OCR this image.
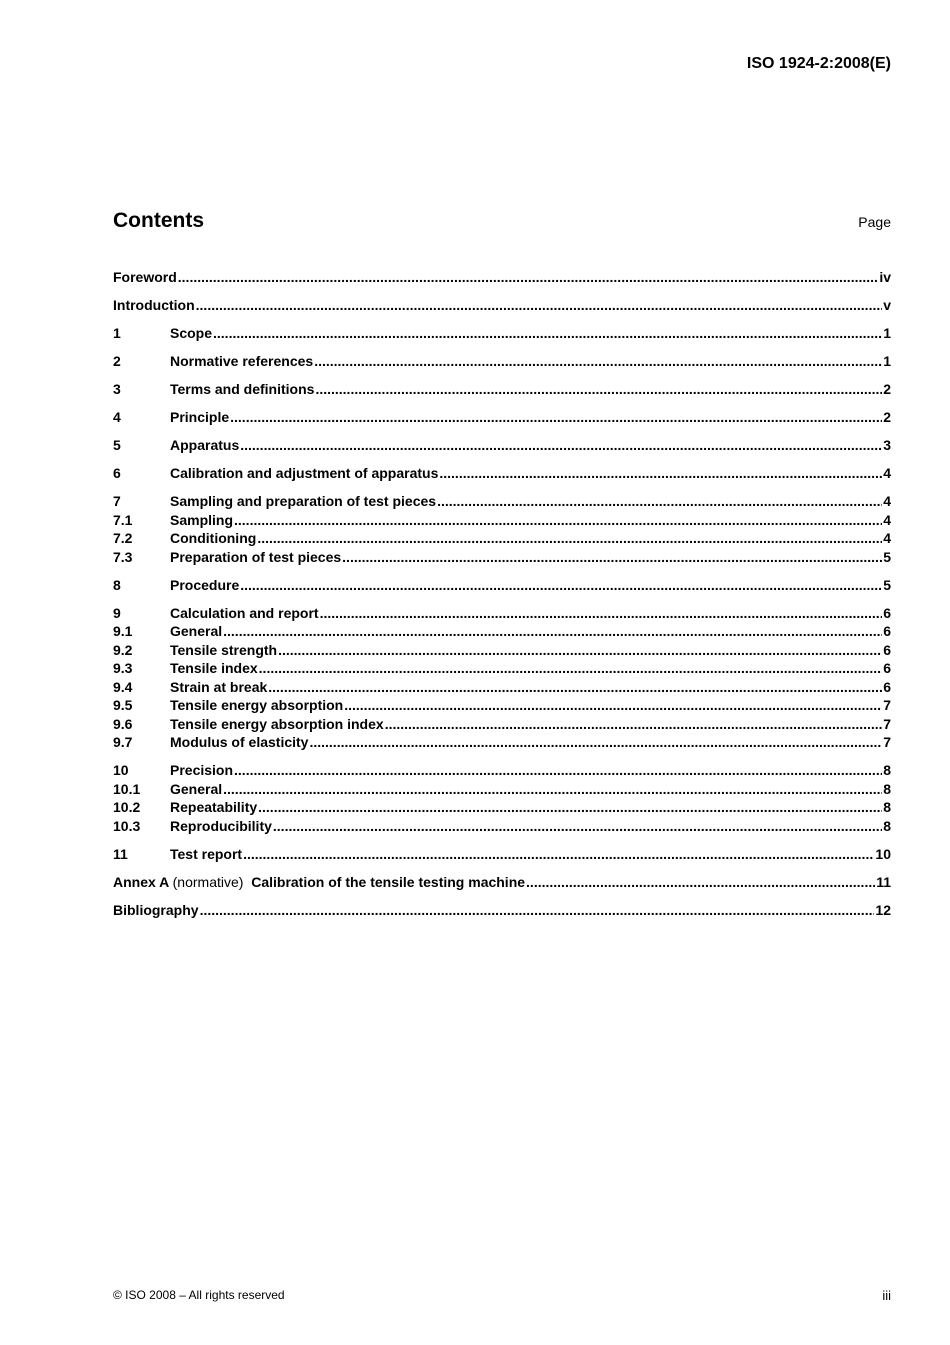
ISO 1924-2:2008(E)
Contents	Page
Foreword .....	iv
Introduction .....	v
1	Scope .....	1
2	Normative references .....	1
3	Terms and definitions .....	2
4	Principle .....	2
5	Apparatus .....	3
6	Calibration and adjustment of apparatus .....	4
7	Sampling and preparation of test pieces .....	4
7.1	Sampling .....	4
7.2	Conditioning .....	4
7.3	Preparation of test pieces .....	5
8	Procedure .....	5
9	Calculation and report .....	6
9.1	General .....	6
9.2	Tensile strength .....	6
9.3	Tensile index .....	6
9.4	Strain at break .....	6
9.5	Tensile energy absorption .....	7
9.6	Tensile energy absorption index .....	7
9.7	Modulus of elasticity .....	7
10	Precision .....	8
10.1	General .....	8
10.2	Repeatability .....	8
10.3	Reproducibility .....	8
11	Test report .....	10
Annex A (normative) Calibration of the tensile testing machine .....	11
Bibliography .....	12
© ISO 2008 – All rights reserved	iii
